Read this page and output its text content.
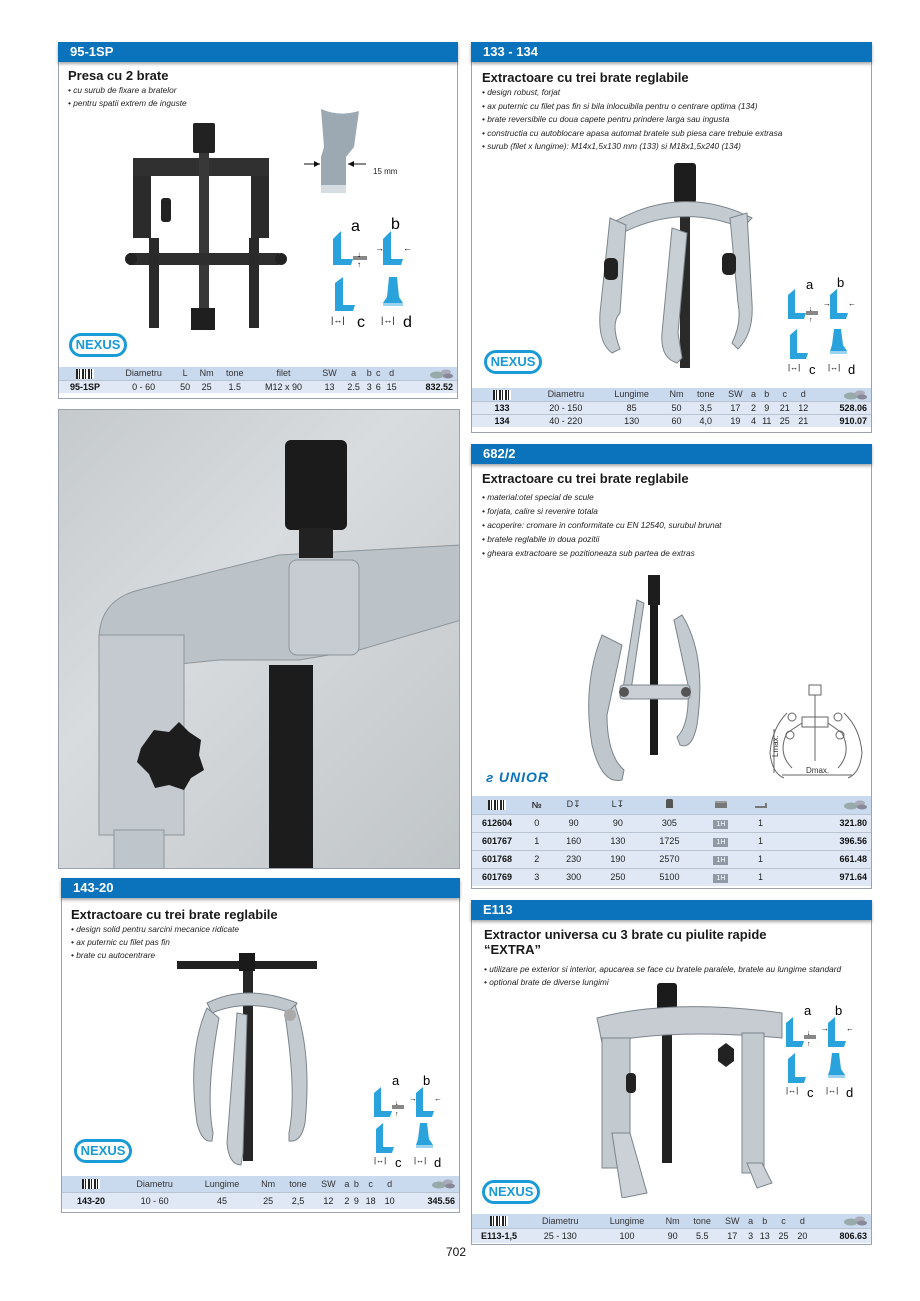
95-1SP
Presa cu 2 brate
• cu surub de fixare a bratelor
• pentru spatii extrem de inguste
15 mm
a
↓
↑
b
→ ←
|↔| c |↔| d
NEXUS
	Diametru	L	Nm	tone	filet	SW	a	b	c	d	
95-1SP	0 - 60	50	25	1.5	M12 x 90	13	2.5	3	6	15	832.52
133 - 134
Extractoare cu trei brate reglabile
• design robust, forjat
• ax puternic cu filet pas fin si bila inlocuibila pentru o centrare optima (134)
• brate reversibile cu doua capete pentru prindere larga sau ingusta
• constructia cu autoblocare apasa automat bratele sub piesa care trebuie extrasa
• surub (filet x lungime): M14x1,5x130 mm (133) si M18x1,5x240 (134)
a
↓
↑
b
→ ←
|↔| c |↔| d
NEXUS
	Diametru	Lungime	Nm	tone	SW	a	b	c	d	
133	20 - 150	85	50	3,5	17	2	9	21	12	528.06
134	40 - 220	130	60	4,0	19	4	11	25	21	910.07
682/2
Extractoare cu trei brate reglabile
• material:otel special de scule
• forjata, calire si revenire totala
• acoperire: cromare in conformitate cu EN 12540, surubul brunat
• bratele reglabile in doua pozitii
• gheara extractoare se pozitioneaza sub partea de extras
Lmax.
Dmax.
ƨ UNIOR
	№	D↧	L↧				
612604	0	90	90	305	1H	1	321.80
601767	1	160	130	1725	1H	1	396.56
601768	2	230	190	2570	1H	1	661.48
601769	3	300	250	5100	1H	1	971.64
143-20
Extractoare cu trei brate reglabile
• design solid pentru sarcini mecanice ridicate
• ax puternic cu filet pas fin
• brate cu autocentrare
a
↓
↑
b
→ ←
|↔| c |↔| d
NEXUS
	Diametru	Lungime	Nm	tone	SW	a	b	c	d	
143-20	10 - 60	45	25	2,5	12	2	9	18	10	345.56
E113
Extractor universa cu 3 brate cu piulite rapide “EXTRA”
• utilizare pe exterior si interior, apucarea se face cu bratele paralele, bratele au lungime standard
• optional brate de diverse lungimi
a
↓
↑
b
→ ←
|↔| c |↔| d
NEXUS
	Diametru	Lungime	Nm	tone	SW	a	b	c	d	
E113-1,5	25 - 130	100	90	5.5	17	3	13	25	20	806.63
702
